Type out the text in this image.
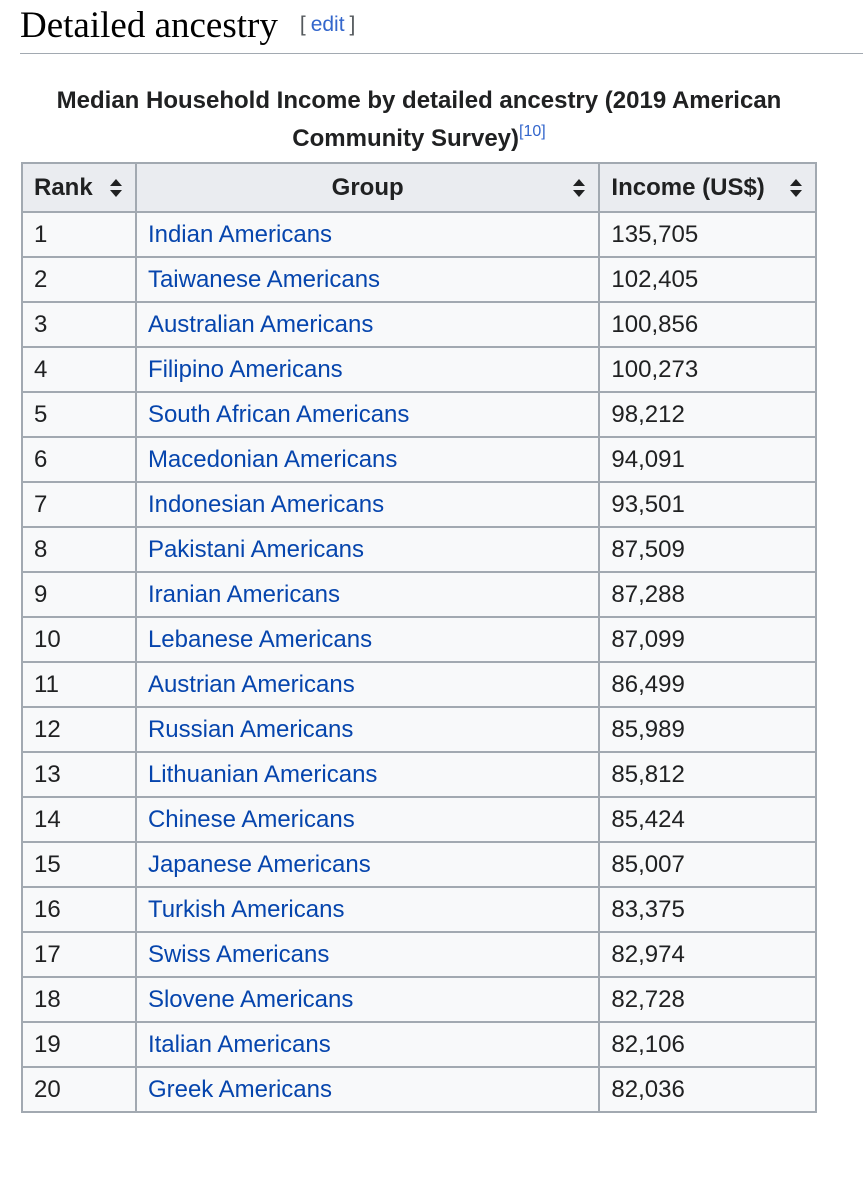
Detailed ancestry [ edit ]
Median Household Income by detailed ancestry (2019 American Community Survey)[10]
Rank	Group	Income (US$)

1	Indian Americans	135,705
2	Taiwanese Americans	102,405
3	Australian Americans	100,856
4	Filipino Americans	100,273
5	South African Americans	98,212
6	Macedonian Americans	94,091
7	Indonesian Americans	93,501
8	Pakistani Americans	87,509
9	Iranian Americans	87,288
10	Lebanese Americans	87,099
11	Austrian Americans	86,499
12	Russian Americans	85,989
13	Lithuanian Americans	85,812
14	Chinese Americans	85,424
15	Japanese Americans	85,007
16	Turkish Americans	83,375
17	Swiss Americans	82,974
18	Slovene Americans	82,728
19	Italian Americans	82,106
20	Greek Americans	82,036
